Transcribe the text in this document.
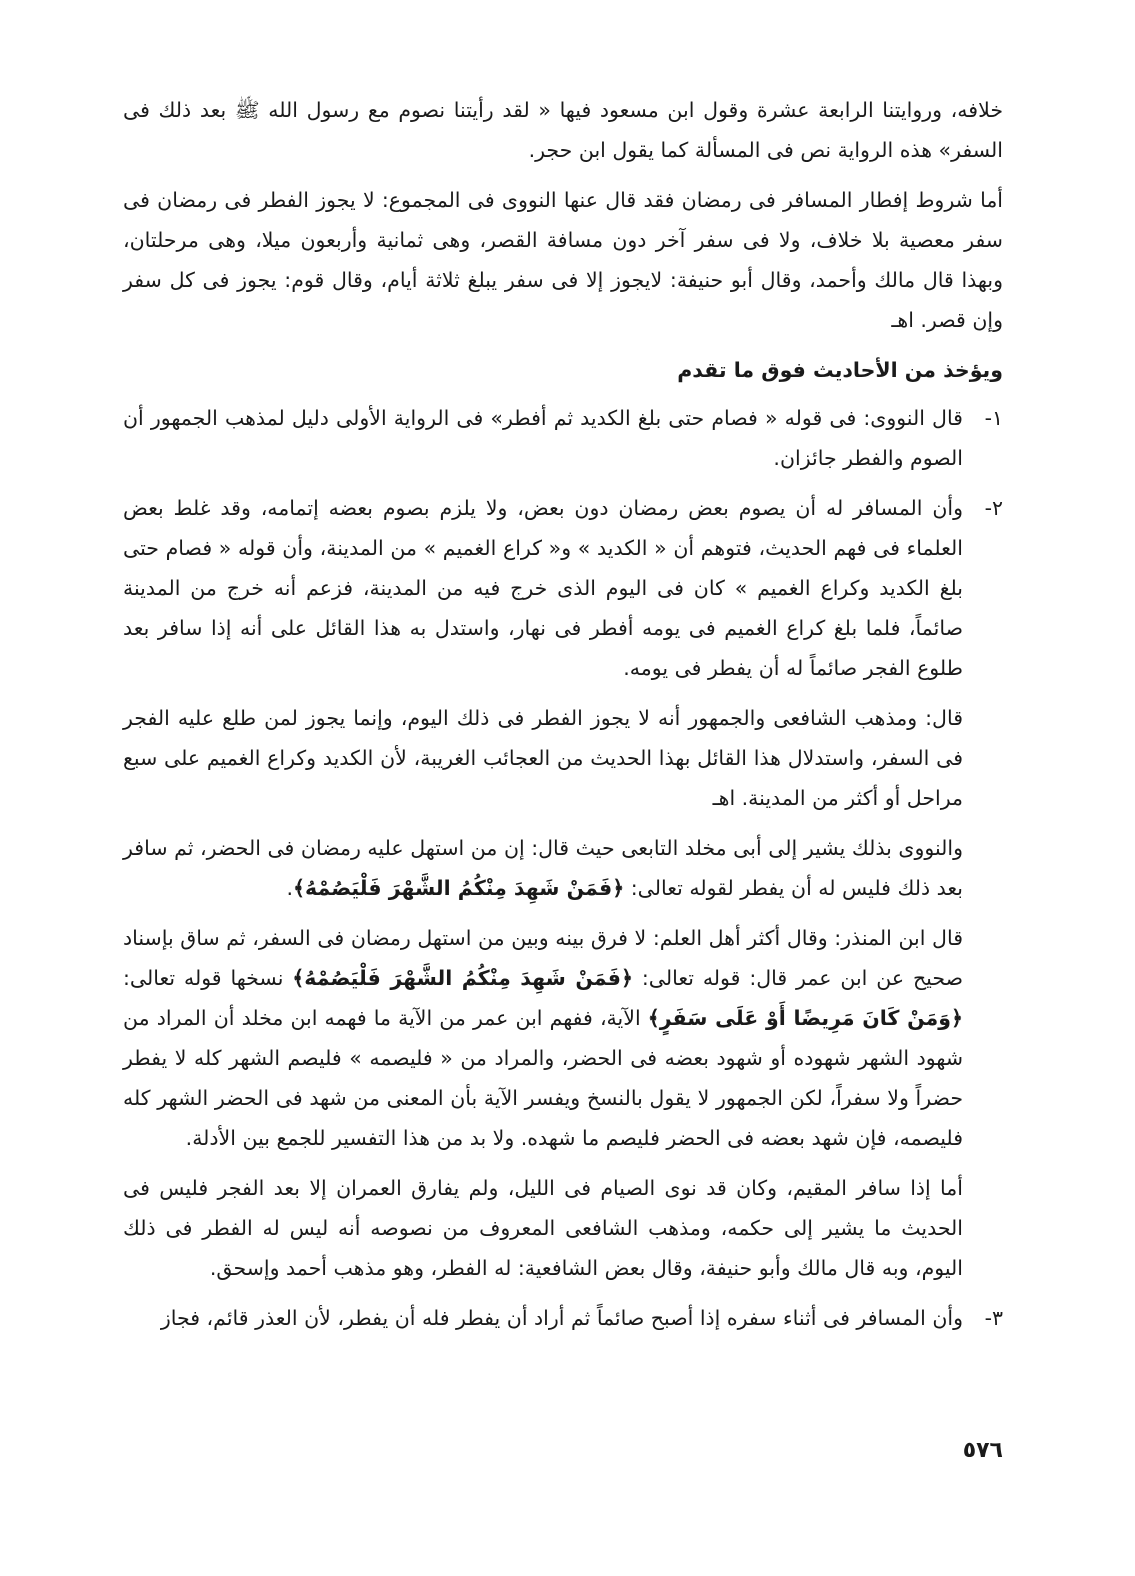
خلافه، وروايتنا الرابعة عشرة وقول ابن مسعود فيها « لقد رأيتنا نصوم مع رسول الله ﷺ بعد ذلك فى السفر» هذه الرواية نص فى المسألة كما يقول ابن حجر.

أما شروط إفطار المسافر فى رمضان فقد قال عنها النووى فى المجموع: لا يجوز الفطر فى رمضان فى سفر معصية بلا خلاف، ولا فى سفر آخر دون مسافة القصر، وهى ثمانية وأربعون ميلا، وهى مرحلتان، وبهذا قال مالك وأحمد، وقال أبو حنيفة: لايجوز إلا فى سفر يبلغ ثلاثة أيام، وقال قوم: يجوز فى كل سفر وإن قصر. اهـ

ويؤخذ من الأحاديث فوق ما تقدم

١-
قال النووى: فى قوله « فصام حتى بلغ الكديد ثم أفطر» فى الرواية الأولى دليل لمذهب الجمهور أن الصوم والفطر جائزان.
٢-
وأن المسافر له أن يصوم بعض رمضان دون بعض، ولا يلزم بصوم بعضه إتمامه، وقد غلط بعض العلماء فى فهم الحديث، فتوهم أن « الكديد » و« كراع الغميم » من المدينة، وأن قوله « فصام حتى بلغ الكديد وكراع الغميم » كان فى اليوم الذى خرج فيه من المدينة، فزعم أنه خرج من المدينة صائماً، فلما بلغ كراع الغميم فى يومه أفطر فى نهار، واستدل به هذا القائل على أنه إذا سافر بعد طلوع الفجر صائماً له أن يفطر فى يومه.

قال: ومذهب الشافعى والجمهور أنه لا يجوز الفطر فى ذلك اليوم، وإنما يجوز لمن طلع عليه الفجر فى السفر، واستدلال هذا القائل بهذا الحديث من العجائب الغريبة، لأن الكديد وكراع الغميم على سبع مراحل أو أكثر من المدينة. اهـ

والنووى بذلك يشير إلى أبى مخلد التابعى حيث قال: إن من استهل عليه رمضان فى الحضر، ثم سافر بعد ذلك فليس له أن يفطر لقوله تعالى: ﴿فَمَنْ شَهِدَ مِنْكُمُ الشَّهْرَ فَلْيَصُمْهُ﴾.

قال ابن المنذر: وقال أكثر أهل العلم: لا فرق بينه وبين من استهل رمضان فى السفر، ثم ساق بإسناد صحيح عن ابن عمر قال: قوله تعالى: ﴿فَمَنْ شَهِدَ مِنْكُمُ الشَّهْرَ فَلْيَصُمْهُ﴾ نسخها قوله تعالى: ﴿وَمَنْ كَانَ مَرِيضًا أَوْ عَلَى سَفَرٍ﴾ الآية، ففهم ابن عمر من الآية ما فهمه ابن مخلد أن المراد من شهود الشهر شهوده أو شهود بعضه فى الحضر، والمراد من « فليصمه » فليصم الشهر كله لا يفطر حضراً ولا سفراً، لكن الجمهور لا يقول بالنسخ ويفسر الآية بأن المعنى من شهد فى الحضر الشهر كله فليصمه، فإن شهد بعضه فى الحضر فليصم ما شهده. ولا بد من هذا التفسير للجمع بين الأدلة.

أما إذا سافر المقيم، وكان قد نوى الصيام فى الليل، ولم يفارق العمران إلا بعد الفجر فليس فى الحديث ما يشير إلى حكمه، ومذهب الشافعى المعروف من نصوصه أنه ليس له الفطر فى ذلك اليوم، وبه قال مالك وأبو حنيفة، وقال بعض الشافعية: له الفطر، وهو مذهب أحمد وإسحق.

٣-
وأن المسافر فى أثناء سفره إذا أصبح صائماً ثم أراد أن يفطر فله أن يفطر، لأن العذر قائم، فجاز
٥٧٦
